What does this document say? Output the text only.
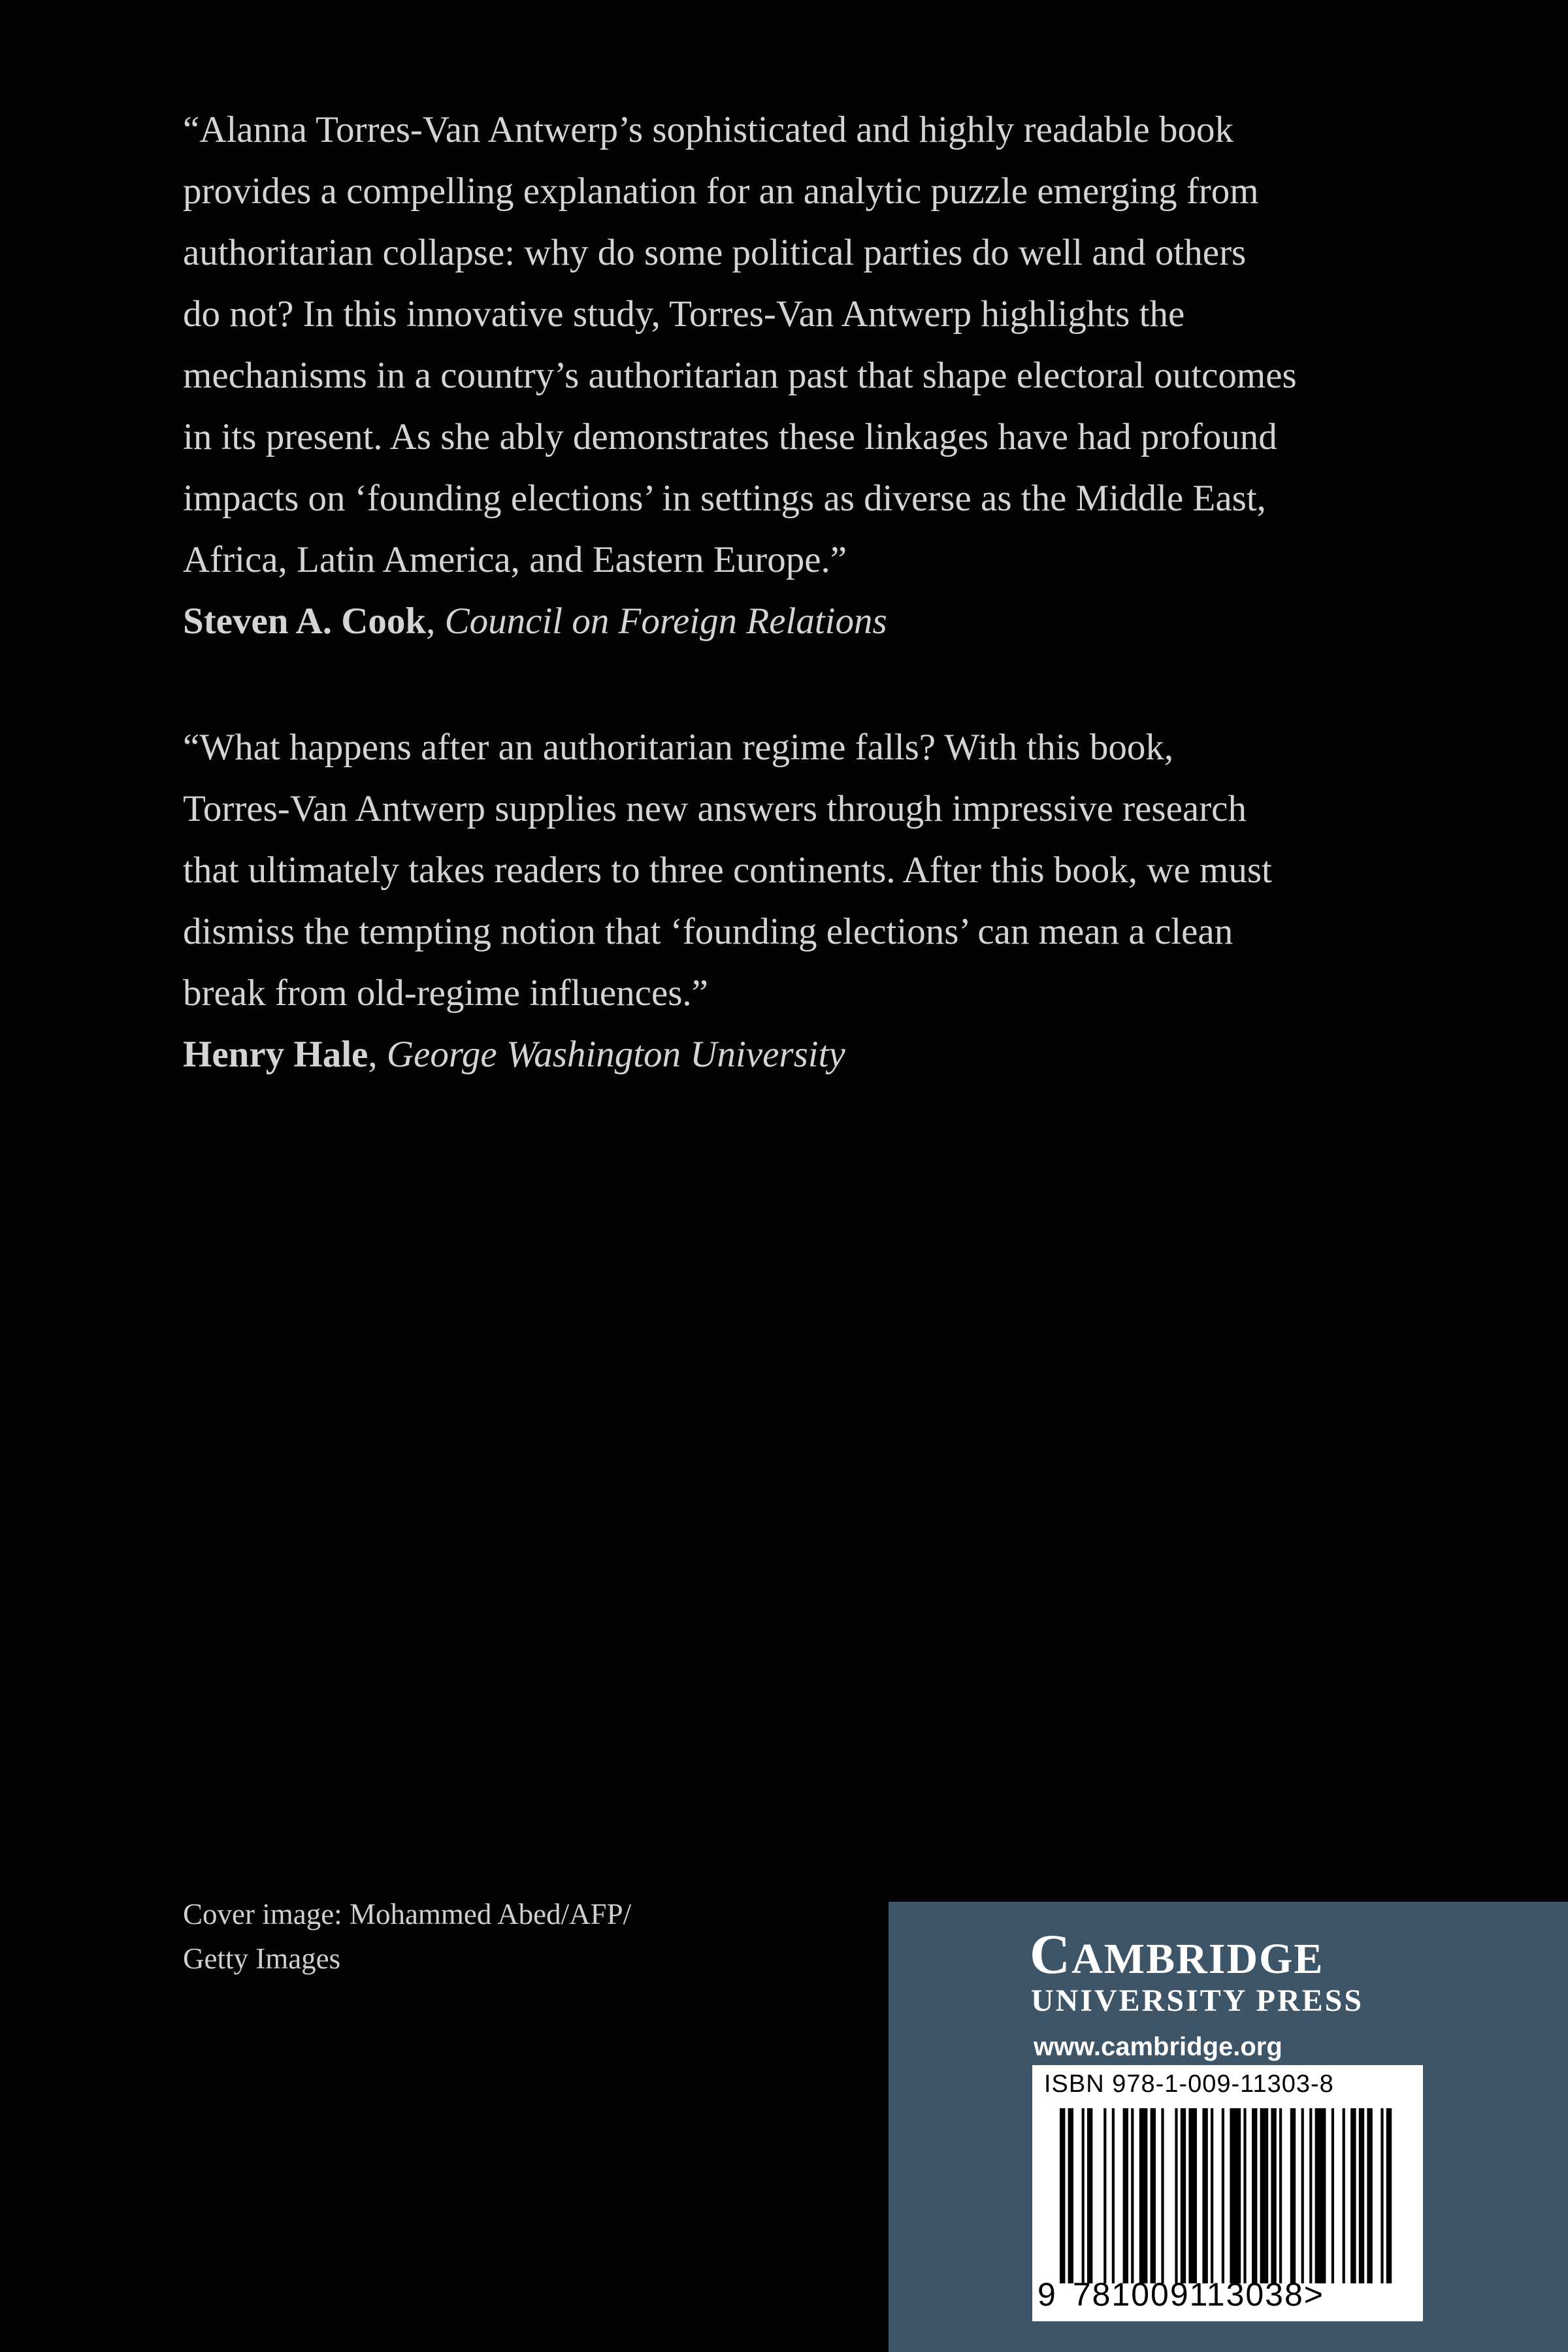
“Alanna Torres-Van Antwerp’s sophisticated and highly readable book
provides a compelling explanation for an analytic puzzle emerging from
authoritarian collapse: why do some political parties do well and others
do not? In this innovative study, Torres-Van Antwerp highlights the
mechanisms in a country’s authoritarian past that shape electoral outcomes
in its present. As she ably demonstrates these linkages have had profound
impacts on ‘founding elections’ in settings as diverse as the Middle East,
Africa, Latin America, and Eastern Europe.”
Steven A. Cook, Council on Foreign Relations
“What happens after an authoritarian regime falls? With this book,
Torres-Van Antwerp supplies new answers through impressive research
that ultimately takes readers to three continents. After this book, we must
dismiss the tempting notion that ‘founding elections’ can mean a clean
break from old-regime influences.”
Henry Hale, George Washington University
Cover image: Mohammed Abed/AFP/
Getty Images	CAMBRIDGE
UNIVERSITY PRESS
www.cambridge.org
ISBN 978-1-009-11303-8
9 781009113038>
